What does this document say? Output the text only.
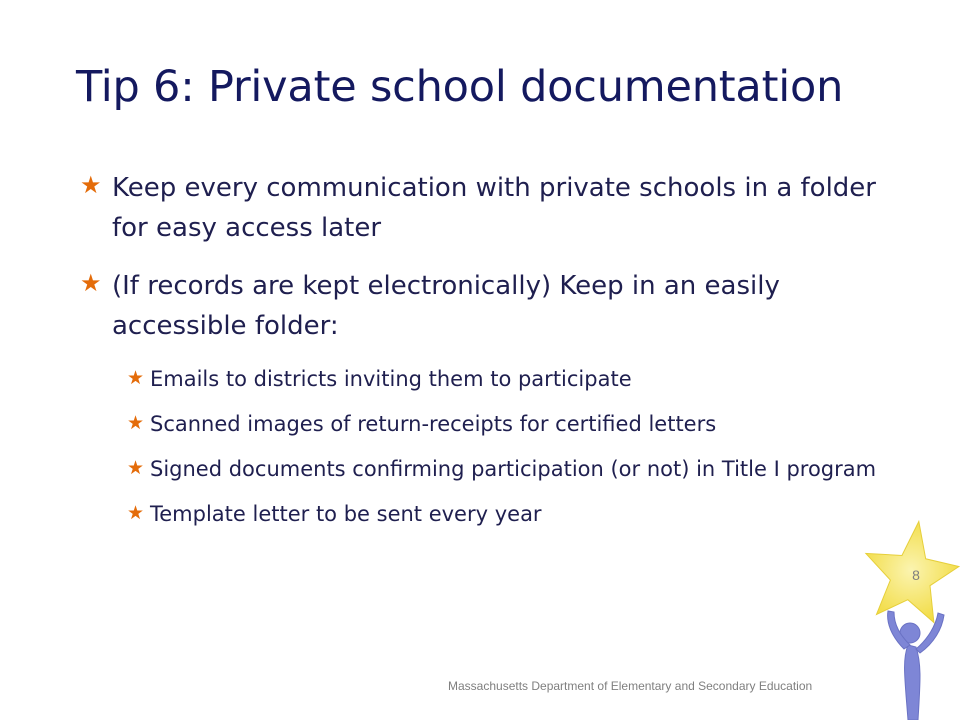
Tip 6: Private school documentation
★ Keep every communication with private schools in a folder for easy access later
★ (If records are kept electronically) Keep in an easily accessible folder:
★ Emails to districts inviting them to participate
★ Scanned images of return-receipts for certified letters
★ Signed documents confirming participation (or not) in Title I program
★ Template letter to be sent every year
8
Massachusetts Department of Elementary and Secondary Education
